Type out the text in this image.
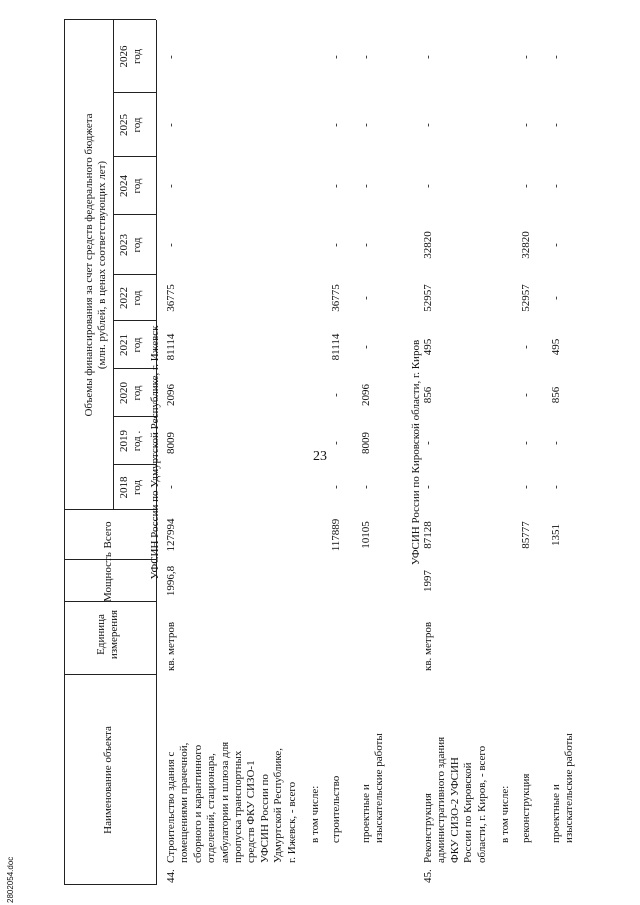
23
Наименование объекта
Единица измерения
Мощность
Всего
Объемы финансирования за счет средств федерального бюджета (млн. рублей, в ценах соответствующих лет)
2018 год
2019 год .
2020 год
2021 год
2022 год
2023 год
2024 год
2025 год
2026 год
УФСИН России по Удмуртской Республике, г. Ижевск
44.
Строительство здания с помещениями прачечной, сборного и карантинного отделений, стационара, амбулатории и шлюза для пропуска транспортных средств ФКУ СИЗО-1 УФСИН России по Удмуртской Республике, г. Ижевск, - всего
кв. метров
1996,8
127994
-
8009
2096
81114
36775
-
-
-
-
в том числе: строительство
117889
-
-
-
81114
36775
-
-
-
-
проектные и изыскательские работы
10105
-
8009
2096
-
-
-
-
-
-
УФСИН России по Кировской области, г. Киров
45.
Реконструкция административного здания ФКУ СИЗО-2 УФСИН России по Кировской области, г. Киров, - всего
кв. метров
1997
87128
-
-
856
495
52957
32820
-
-
-
в том числе: реконструкция
85777
-
-
-
-
52957
32820
-
-
-
проектные и изыскательские работы
1351
-
-
856
495
-
-
-
-
-
2802054.doc
